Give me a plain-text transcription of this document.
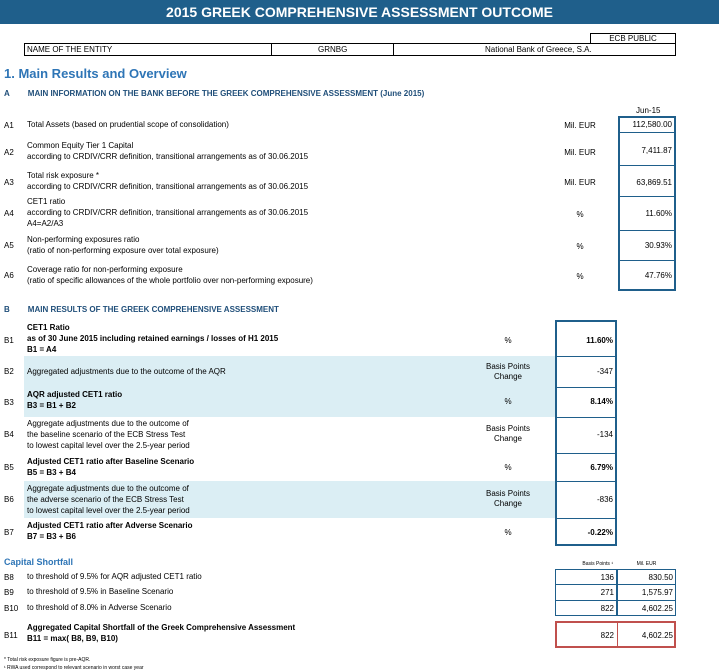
2015 GREEK COMPREHENSIVE ASSESSMENT OUTCOME
ECB PUBLIC
NAME OF THE ENTITY	GRNBG	National Bank of Greece, S.A.
1. Main Results and Overview
A MAIN INFORMATION ON THE BANK BEFORE THE GREEK COMPREHENSIVE ASSESSMENT (June 2015)
Jun-15
A1 Total Assets (based on prudential scope of consolidation)	Mil. EUR	112,580.00
A2
Common Equity Tier 1 Capital
according to CRDIV/CRR definition, transitional arrangements as of 30.06.2015	Mil. EUR	7,411.87
A3
Total risk exposure *
according to CRDIV/CRR definition, transitional arrangements as of 30.06.2015	Mil. EUR	63,869.51
A4
CET1 ratio
according to CRDIV/CRR definition, transitional arrangements as of 30.06.2015
A4=A2/A3
%	11.60%
A5
Non-performing exposures ratio
(ratio of non-performing exposure over total exposure)	%	30.93%
A6
Coverage ratio for non-performing exposure
(ratio of specific allowances of the whole portfolio over non-performing exposure)	%	47.76%
B MAIN RESULTS OF THE GREEK COMPREHENSIVE ASSESSMENT
B1
CET1 Ratio
as of 30 June 2015 including retained earnings / losses of H1 2015
B1 = A4
%	11.60%
B2 Aggregated adjustments due to the outcome of the AQR
Basis Points
Change
-347
B3
AQR adjusted CET1 ratio
B3 = B1 + B2	%	8.14%
B4
Aggregate adjustments due to the outcome of
the baseline scenario of the ECB Stress Test
to lowest capital level over the 2.5-year period
Basis Points
Change	-134
B5
Adjusted CET1 ratio after Baseline Scenario
B5 = B3 + B4
%	6.79%
B6
Aggregate adjustments due to the outcome of
the adverse scenario of the ECB Stress Test
to lowest capital level over the 2.5-year period
Basis Points
Change	-836
B7
Adjusted CET1 ratio after Adverse Scenario
B7 = B3 + B6	%	-0.22%
Capital Shortfall	Basis Points ¹	Mil. EUR
B8 to threshold of 9.5% for AQR adjusted CET1 ratio	136	830.50
B9 to threshold of 9.5% in Baseline Scenario	271	1,575.97
B10 to threshold of 8.0% in Adverse Scenario	822	4,602.25
B11
Aggregated Capital Shortfall of the Greek Comprehensive Assessment
B11 = max( B8, B9, B10)	822	4,602.25
* Total risk exposure figure is pre-AQR.
¹ RWA used correspond to relevant scenario in worst case year
